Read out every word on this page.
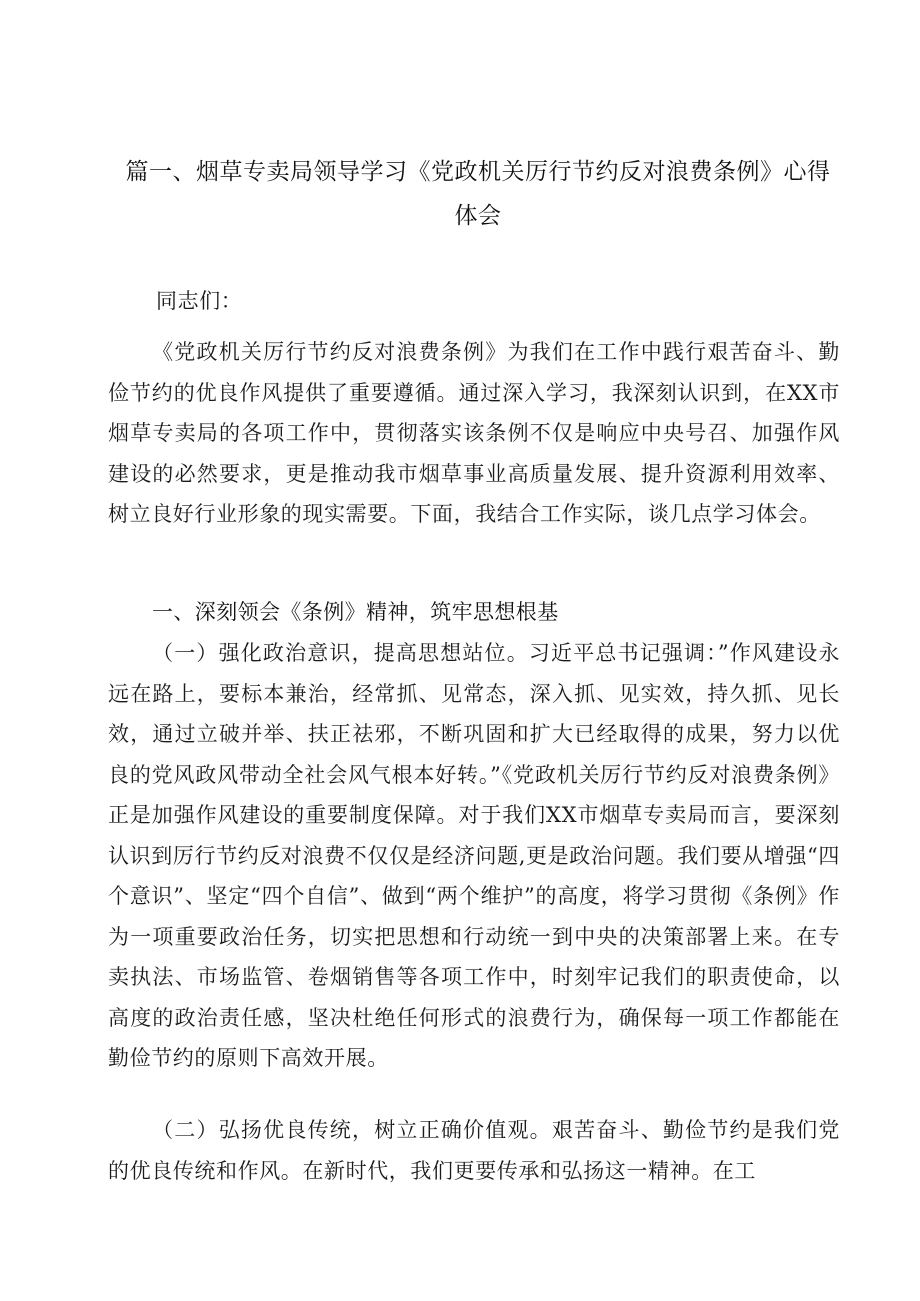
篇一、烟草专卖局领导学习《党政机关厉行节约反对浪费条例》心得
体会
同志们：

《党政机关厉行节约反对浪费条例》为我们在工作中践行艰苦奋斗、勤俭节约的优良作风提供了重要遵循。通过深入学习，我深刻认识到，在XX市烟草专卖局的各项工作中，贯彻落实该条例不仅是响应中央号召、加强作风建设的必然要求，更是推动我市烟草事业高质量发展、提升资源利用效率、树立良好行业形象的现实需要。下面，我结合工作实际，谈几点学习体会。

一、深刻领会《条例》精神，筑牢思想根基

（一）强化政治意识，提高思想站位。习近平总书记强调：”作风建设永远在路上，要标本兼治，经常抓、见常态，深入抓、见实效，持久抓、见长效，通过立破并举、扶正祛邪，不断巩固和扩大已经取得的成果，努力以优良的党风政风带动全社会风气根本好转。”《党政机关厉行节约反对浪费条例》正是加强作风建设的重要制度保障。对于我们XX市烟草专卖局而言，要深刻认识到厉行节约反对浪费不仅仅是经济问题,更是政治问题。我们要从增强“四个意识”、坚定“四个自信”、做到“两个维护”的高度，将学习贯彻《条例》作为一项重要政治任务，切实把思想和行动统一到中央的决策部署上来。在专卖执法、市场监管、卷烟销售等各项工作中，时刻牢记我们的职责使命，以高度的政治责任感，坚决杜绝任何形式的浪费行为，确保每一项工作都能在勤俭节约的原则下高效开展。

（二）弘扬优良传统，树立正确价值观。艰苦奋斗、勤俭节约是我们党的优良传统和作风。在新时代，我们更要传承和弘扬这一精神。在工
